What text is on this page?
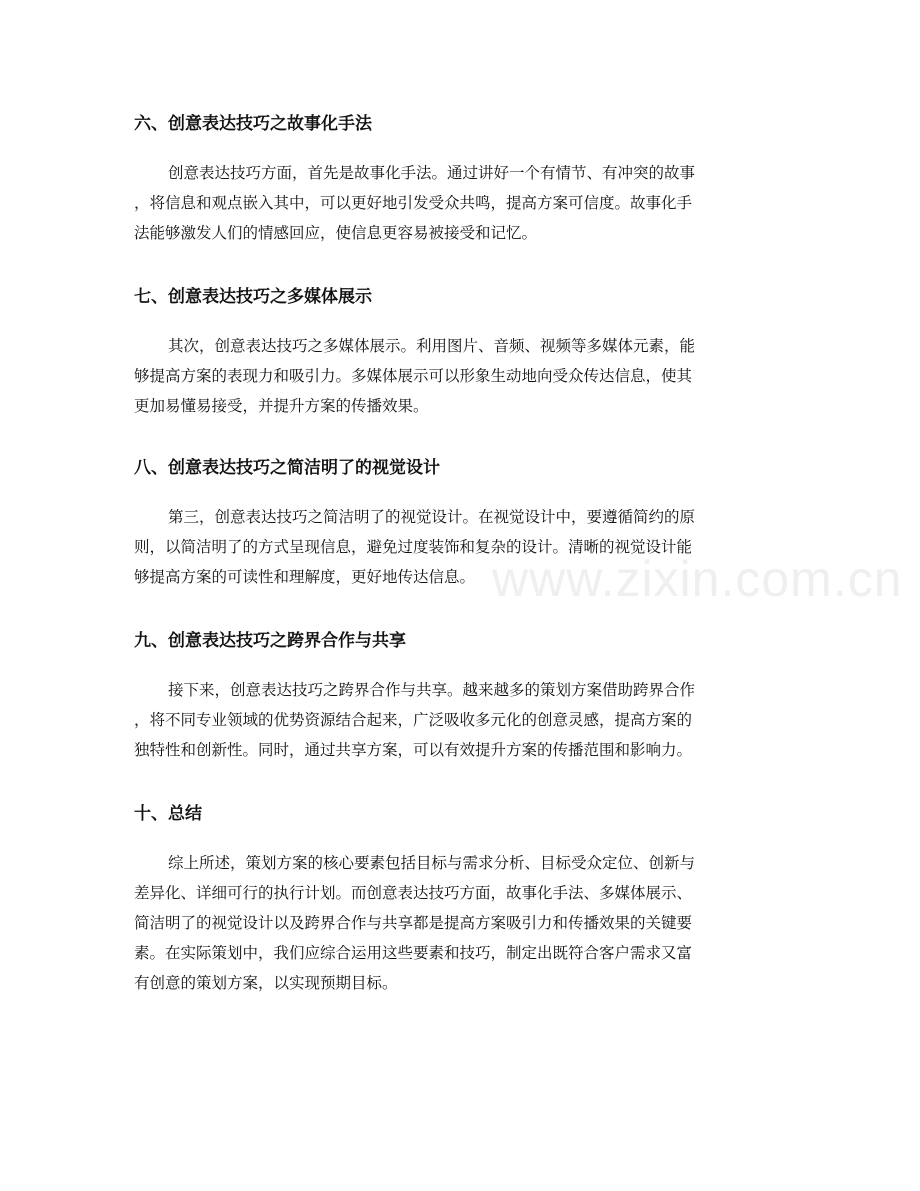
www.zixin.com.cn
六、创意表达技巧之故事化手法

创意表达技巧方面，首先是故事化手法。通过讲好一个有情节、有冲突的故事
，将信息和观点嵌入其中，可以更好地引发受众共鸣，提高方案可信度。故事化手
法能够激发人们的情感回应，使信息更容易被接受和记忆。

七、创意表达技巧之多媒体展示

其次，创意表达技巧之多媒体展示。利用图片、音频、视频等多媒体元素，能
够提高方案的表现力和吸引力。多媒体展示可以形象生动地向受众传达信息，使其
更加易懂易接受，并提升方案的传播效果。

八、创意表达技巧之简洁明了的视觉设计

第三，创意表达技巧之简洁明了的视觉设计。在视觉设计中，要遵循简约的原
则，以简洁明了的方式呈现信息，避免过度装饰和复杂的设计。清晰的视觉设计能
够提高方案的可读性和理解度，更好地传达信息。

九、创意表达技巧之跨界合作与共享

接下来，创意表达技巧之跨界合作与共享。越来越多的策划方案借助跨界合作
，将不同专业领域的优势资源结合起来，广泛吸收多元化的创意灵感，提高方案的
独特性和创新性。同时，通过共享方案，可以有效提升方案的传播范围和影响力。

十、总结

综上所述，策划方案的核心要素包括目标与需求分析、目标受众定位、创新与
差异化、详细可行的执行计划。而创意表达技巧方面，故事化手法、多媒体展示、
简洁明了的视觉设计以及跨界合作与共享都是提高方案吸引力和传播效果的关键要
素。在实际策划中，我们应综合运用这些要素和技巧，制定出既符合客户需求又富
有创意的策划方案，以实现预期目标。
